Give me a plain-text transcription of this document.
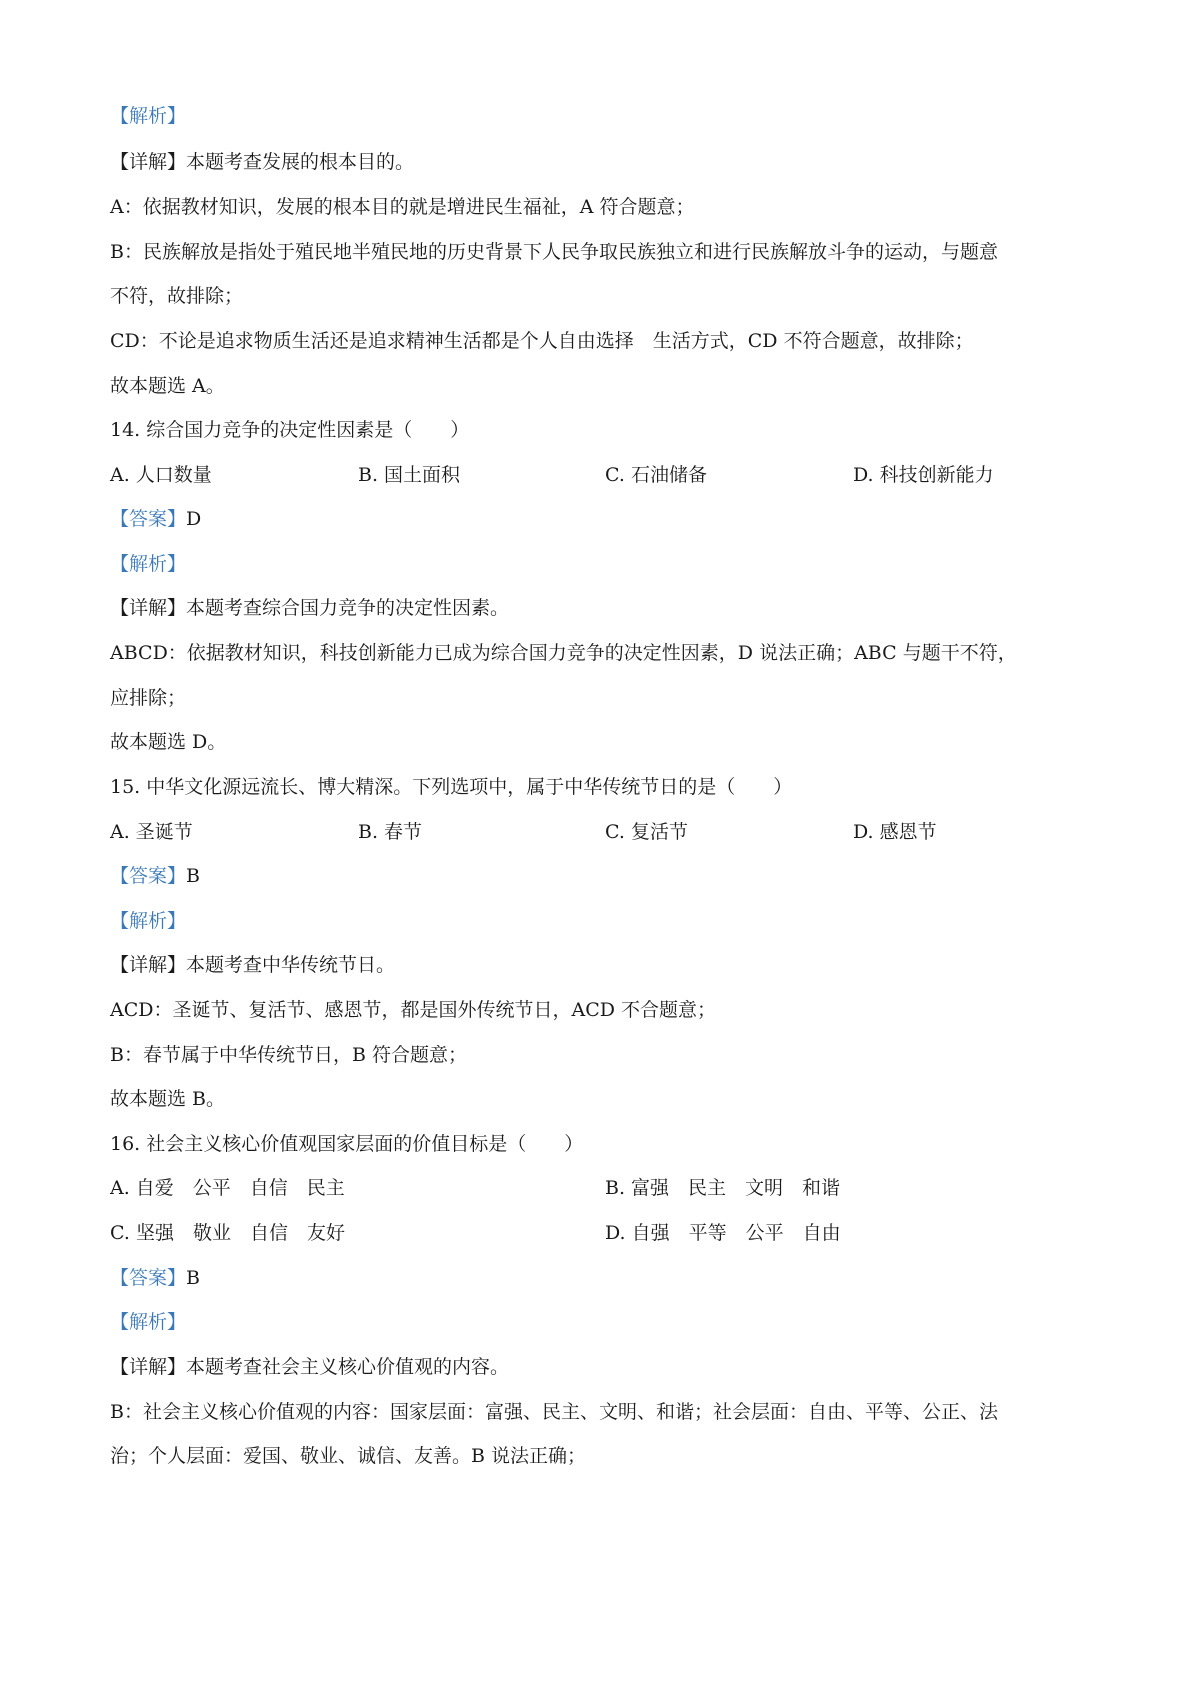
【解析】
【详解】本题考查发展的根本目的。
A：依据教材知识，发展的根本目的就是增进民生福祉，A 符合题意；
B：民族解放是指处于殖民地半殖民地的历史背景下人民争取民族独立和进行民族解放斗争的运动，与题意
不符，故排除；
CD：不论是追求物质生活还是追求精神生活都是个人自由选择　生活方式，CD 不符合题意，故排除；
故本题选 A。
14. 综合国力竞争的决定性因素是（　　）
A. 人口数量	B. 国土面积	C. 石油储备	D. 科技创新能力
【答案】D
【解析】
【详解】本题考查综合国力竞争的决定性因素。
ABCD：依据教材知识，科技创新能力已成为综合国力竞争的决定性因素，D 说法正确；ABC 与题干不符，
应排除；
故本题选 D。
15. 中华文化源远流长、博大精深。下列选项中，属于中华传统节日的是（　　）
A. 圣诞节	B. 春节	C. 复活节	D. 感恩节
【答案】B
【解析】
【详解】本题考查中华传统节日。
ACD：圣诞节、复活节、感恩节，都是国外传统节日，ACD 不合题意；
B：春节属于中华传统节日，B 符合题意；
故本题选 B。
16. 社会主义核心价值观国家层面的价值目标是（　　）
A. 自爱　公平　自信　民主	B. 富强　民主　文明　和谐
C. 坚强　敬业　自信　友好	D. 自强　平等　公平　自由
【答案】B
【解析】
【详解】本题考查社会主义核心价值观的内容。
B：社会主义核心价值观的内容：国家层面：富强、民主、文明、和谐；社会层面：自由、平等、公正、法
治；个人层面：爱国、敬业、诚信、友善。B 说法正确；
